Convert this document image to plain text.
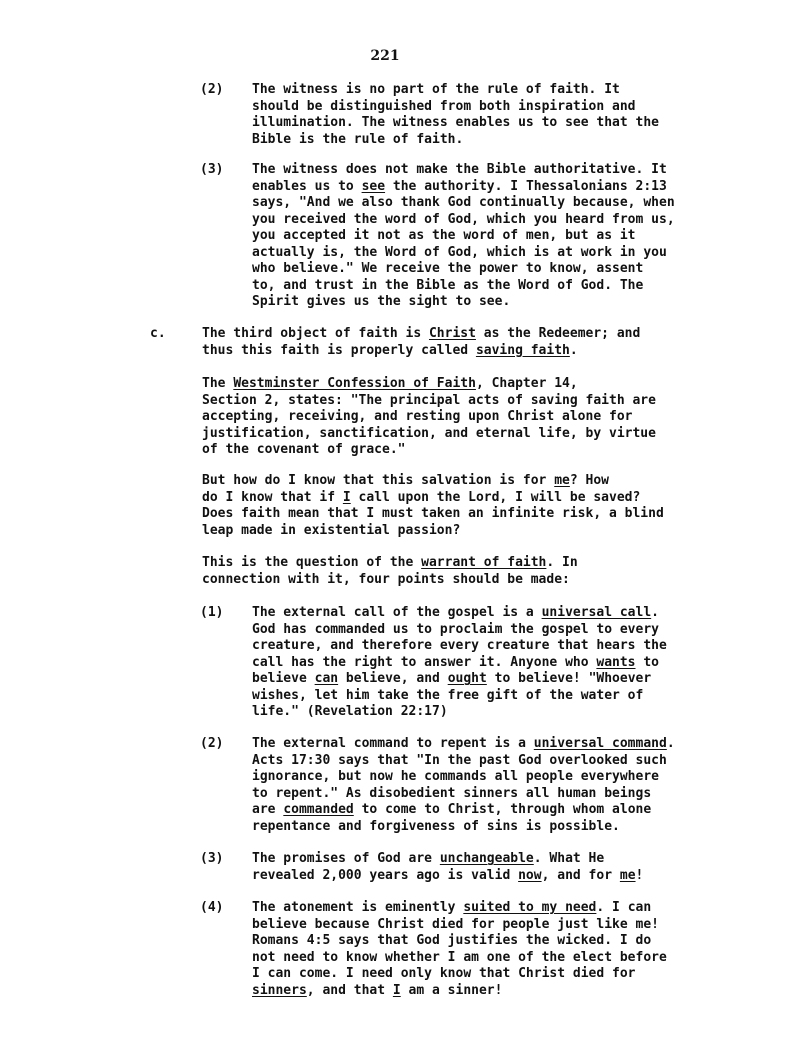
221
(2) The witness is no part of the rule of faith. It
should be distinguished from both inspiration and
illumination. The witness enables us to see that the
Bible is the rule of faith.
(3) The witness does not make the Bible authoritative. It
enables us to see the authority. I Thessalonians 2:13
says, "And we also thank God continually because, when
you received the word of God, which you heard from us,
you accepted it not as the word of men, but as it
actually is, the Word of God, which is at work in you
who believe." We receive the power to know, assent
to, and trust in the Bible as the Word of God. The
Spirit gives us the sight to see.
c.	The third object of faith is Christ as the Redeemer; and
thus this faith is properly called saving faith.
The Westminster Confession of Faith, Chapter 14,
Section 2, states: "The principal acts of saving faith are
accepting, receiving, and resting upon Christ alone for
justification, sanctification, and eternal life, by virtue
of the covenant of grace."
But how do I know that this salvation is for me? How
do I know that if I call upon the Lord, I will be saved?
Does faith mean that I must taken an infinite risk, a blind
leap made in existential passion?
This is the question of the warrant of faith. In
connection with it, four points should be made:
(1) The external call of the gospel is a universal call.
God has commanded us to proclaim the gospel to every
creature, and therefore every creature that hears the
call has the right to answer it. Anyone who wants to
believe can believe, and ought to believe! "Whoever
wishes, let him take the free gift of the water of
life." (Revelation 22:17)
(2) The external command to repent is a universal command.
Acts 17:30 says that "In the past God overlooked such
ignorance, but now he commands all people everywhere
to repent." As disobedient sinners all human beings
are commanded to come to Christ, through whom alone
repentance and forgiveness of sins is possible.
(3) The promises of God are unchangeable. What He
revealed 2,000 years ago is valid now, and for me!
(4) The atonement is eminently suited to my need. I can
believe because Christ died for people just like me!
Romans 4:5 says that God justifies the wicked. I do
not need to know whether I am one of the elect before
I can come. I need only know that Christ died for
sinners, and that I am a sinner!
